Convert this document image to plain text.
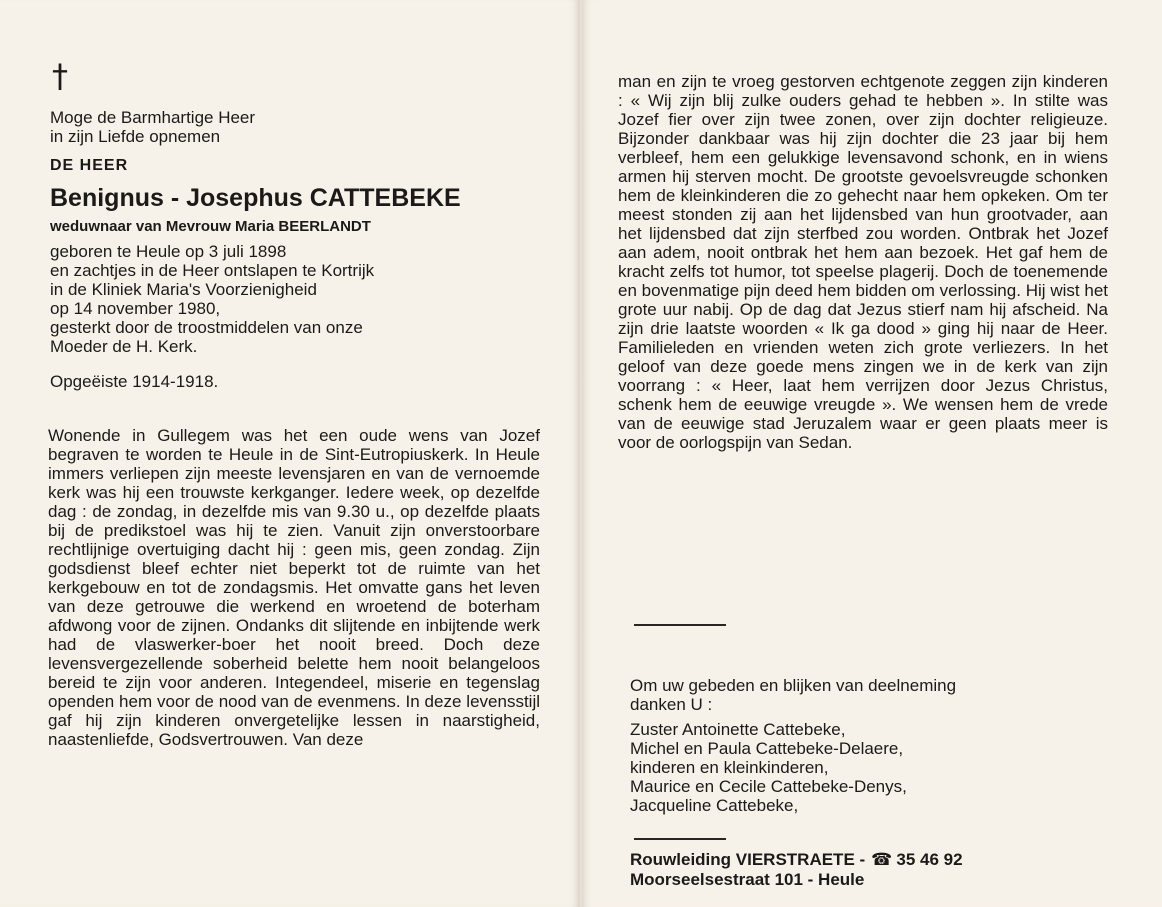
†

Moge de Barmhartige Heer

in zijn Liefde opnemen

DE HEER
Benignus - Josephus CATTEBEKE
weduwnaar van Mevrouw Maria BEERLANDT

geboren te Heule op 3 juli 1898

en zachtjes in de Heer ontslapen te Kortrijk

in de Kliniek Maria's Voorzienigheid

op 14 november 1980,

gesterkt door de troostmiddelen van onze

Moeder de H. Kerk.

Opgeëiste 1914-1918.
Wonende in Gullegem was het een oude wens van Jozef begraven te worden te Heule in de Sint-Eutropiuskerk. In Heule immers verliepen zijn meeste levensjaren en van de vernoemde kerk was hij een trouwste kerkganger. Iedere week, op dezelfde dag : de zondag, in dezelfde mis van 9.30 u., op dezelfde plaats bij de predikstoel was hij te zien. Vanuit zijn onverstoorbare rechtlijnige overtuiging dacht hij : geen mis, geen zondag. Zijn godsdienst bleef echter niet beperkt tot de ruimte van het kerkgebouw en tot de zondagsmis. Het omvatte gans het leven van deze getrouwe die werkend en wroetend de boterham afdwong voor de zijnen. Ondanks dit slijtende en inbijtende werk had de vlaswerker-boer het nooit breed. Doch deze levensvergezellende soberheid belette hem nooit belangeloos bereid te zijn voor anderen. Integendeel, miserie en tegenslag openden hem voor de nood van de evenmens. In deze levensstijl gaf hij zijn kinderen onvergetelijke lessen in naarstigheid, naastenliefde, Godsvertrouwen. Van deze
man en zijn te vroeg gestorven echtgenote zeggen zijn kinderen : « Wij zijn blij zulke ouders gehad te hebben ». In stilte was Jozef fier over zijn twee zonen, over zijn dochter religieuze. Bijzonder dankbaar was hij zijn dochter die 23 jaar bij hem verbleef, hem een gelukkige levensavond schonk, en in wiens armen hij sterven mocht. De grootste gevoelsvreugde schonken hem de kleinkinderen die zo gehecht naar hem opkeken. Om ter meest stonden zij aan het lijdensbed van hun grootvader, aan het lijdensbed dat zijn sterfbed zou worden. Ontbrak het Jozef aan adem, nooit ontbrak het hem aan bezoek. Het gaf hem de kracht zelfs tot humor, tot speelse plagerij. Doch de toenemende en bovenmatige pijn deed hem bidden om verlossing. Hij wist het grote uur nabij. Op de dag dat Jezus stierf nam hij afscheid. Na zijn drie laatste woorden « Ik ga dood » ging hij naar de Heer. Familieleden en vrienden weten zich grote verliezers. In het geloof van deze goede mens zingen we in de kerk van zijn voorrang : « Heer, laat hem verrijzen door Jezus Christus, schenk hem de eeuwige vreugde ». We wensen hem de vrede van de eeuwige stad Jeruzalem waar er geen plaats meer is voor de oorlogspijn van Sedan.

Om uw gebeden en blijken van deelneming

danken U :

Zuster Antoinette Cattebeke,

Michel en Paula Cattebeke-Delaere,

kinderen en kleinkinderen,

Maurice en Cecile Cattebeke-Denys,

Jacqueline Cattebeke,

Rouwleiding VIERSTRAETE - ☎ 35 46 92
Moorseelsestraat 101 - Heule
